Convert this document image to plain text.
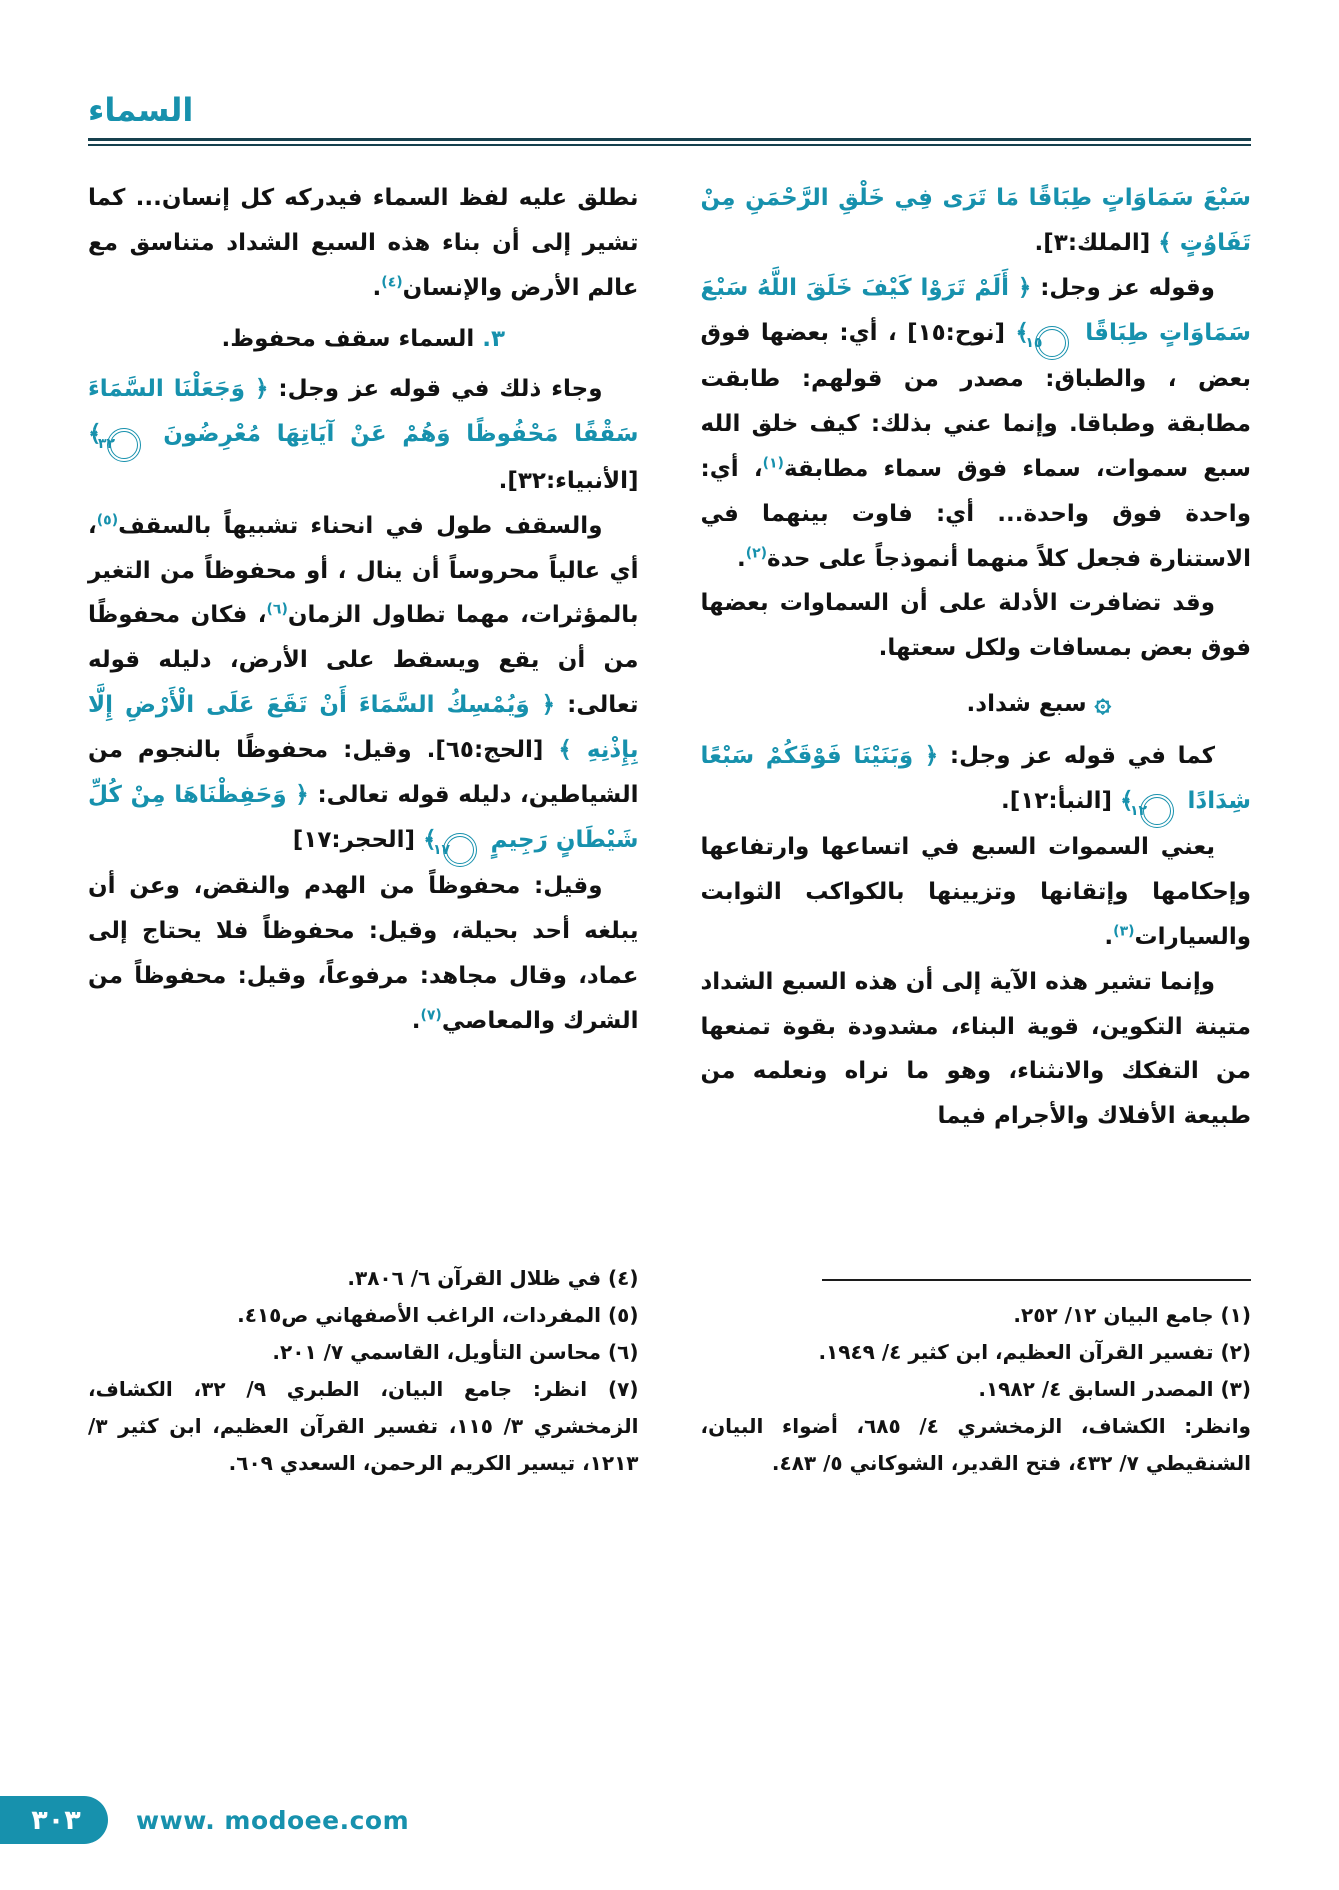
السماء

سَبْعَ سَمَاوَاتٍ طِبَاقًا مَا تَرَى فِي خَلْقِ الرَّحْمَنِ مِنْ تَفَاوُتٍ ﴾ [الملك:٣].

وقوله عز وجل: ﴿ أَلَمْ تَرَوْا كَيْفَ خَلَقَ اللَّهُ سَبْعَ سَمَاوَاتٍ طِبَاقًا ١٥﴾ [نوح:١٥] ، أي: بعضها فوق بعض ، والطباق: مصدر من قولهم: طابقت مطابقة وطباقا. وإنما عني بذلك: كيف خلق الله سبع سموات، سماء فوق سماء مطابقة$^{(١)}$، أي: واحدة فوق واحدة... أي: فاوت بينهما في الاستنارة فجعل كلاً منهما أنموذجاً على حدة$^{(٢)}$.

وقد تضافرت الأدلة على أن السماوات بعضها فوق بعض بمسافات ولكل سعتها.

۞ سبع شداد.

كما في قوله عز وجل: ﴿ وَبَنَيْنَا فَوْقَكُمْ سَبْعًا شِدَادًا ١٢﴾ [النبأ:١٢].

يعني السموات السبع في اتساعها وارتفاعها وإحكامها وإتقانها وتزيينها بالكواكب الثوابت والسيارات$^{(٣)}$.

وإنما تشير هذه الآية إلى أن هذه السبع الشداد متينة التكوين، قوية البناء، مشدودة بقوة تمنعها من التفكك والانثناء، وهو ما نراه ونعلمه من طبيعة الأفلاك والأجرام فيما

(١) جامع البيان ١٢/ ٢٥٢.

(٢) تفسير القرآن العظيم، ابن كثير ٤/ ١٩٤٩.

(٣) المصدر السابق ٤/ ١٩٨٢.

وانظر: الكشاف، الزمخشري ٤/ ٦٨٥، أضواء البيان، الشنقيطي ٧/ ٤٣٢، فتح القدير، الشوكاني ٥/ ٤٨٣.

نطلق عليه لفظ السماء فيدركه كل إنسان... كما تشير إلى أن بناء هذه السبع الشداد متناسق مع عالم الأرض والإنسان$^{(٤)}$.

٣. السماء سقف محفوظ.

وجاء ذلك في قوله عز وجل: ﴿ وَجَعَلْنَا السَّمَاءَ سَقْفًا مَحْفُوظًا وَهُمْ عَنْ آيَاتِهَا مُعْرِضُونَ ٣٢﴾ [الأنبياء:٣٢].

والسقف طول في انحناء تشبيهاً بالسقف$^{(٥)}$، أي عالياً محروساً أن ينال ، أو محفوظاً من التغير بالمؤثرات، مهما تطاول الزمان$^{(٦)}$، فكان محفوظًا من أن يقع ويسقط على الأرض، دليله قوله تعالى: ﴿ وَيُمْسِكُ السَّمَاءَ أَنْ تَقَعَ عَلَى الْأَرْضِ إِلَّا بِإِذْنِهِ ﴾ [الحج:٦٥]. وقيل: محفوظًا بالنجوم من الشياطين، دليله قوله تعالى: ﴿ وَحَفِظْنَاهَا مِنْ كُلِّ شَيْطَانٍ رَجِيمٍ ١٧﴾ [الحجر:١٧]

وقيل: محفوظاً من الهدم والنقض، وعن أن يبلغه أحد بحيلة، وقيل: محفوظاً فلا يحتاج إلى عماد، وقال مجاهد: مرفوعاً، وقيل: محفوظاً من الشرك والمعاصي$^{(٧)}$.

(٤) في ظلال القرآن ٦/ ٣٨٠٦.

(٥) المفردات، الراغب الأصفهاني ص٤١٥.

(٦) محاسن التأويل، القاسمي ٧/ ٢٠١.

(٧) انظر: جامع البيان، الطبري ٩/ ٣٢، الكشاف، الزمخشري ٣/ ١١٥، تفسير القرآن العظيم، ابن كثير ٣/ ١٢١٣، تيسير الكريم الرحمن، السعدي ٦٠٩.

٣٠٣ www. modoee.com
